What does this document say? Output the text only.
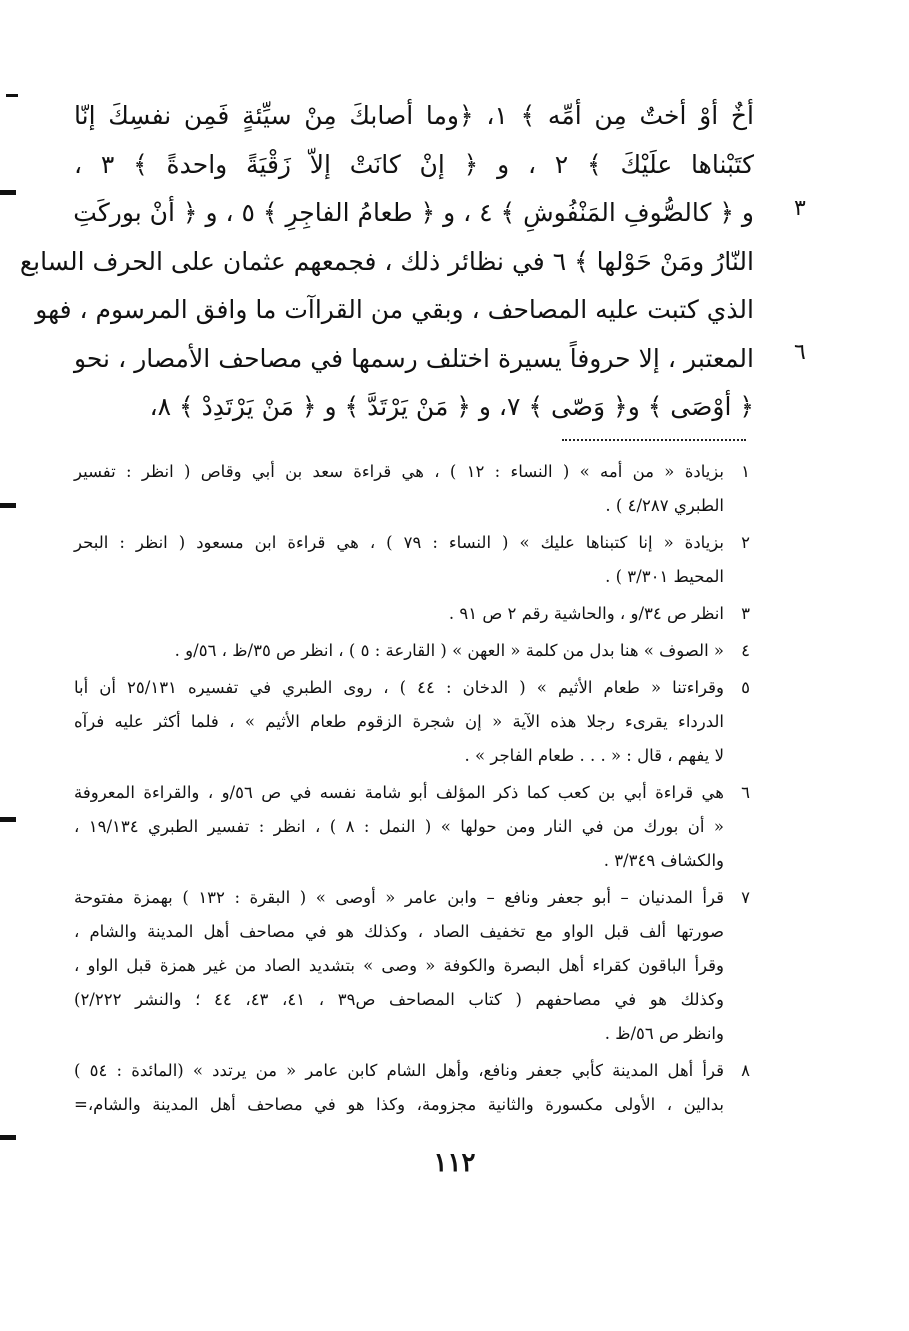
أخٌ أوْ أختٌ مِن أمِّه ﴾ ١، ﴿وما أصابكَ مِنْ سيِّئةٍ فَمِن نفسِكَ إنّا
كتَبْناها علَيْكَ ﴾ ٢ ، و ﴿ إنْ كانَتْ إلاّ زَقْيَةً واحدةً ﴾ ٣ ،
و ﴿ كالصُّوفِ المَنْفُوشِ ﴾ ٤ ، و ﴿ طعامُ الفاجِرِ ﴾ ٥ ، و ﴿ أنْ بوركَتِ
النّارُ ومَنْ حَوْلها ﴾ ٦ في نظائر ذلك ، فجمعهم عثمان على الحرف السابع
الذي كتبت عليه المصاحف ، وبقي من القراآت ما وافق المرسوم ، فهو
المعتبر ، إلا حروفاً يسيرة اختلف رسمها في مصاحف الأمصار ، نحو
﴿ أوْصَى ﴾ و﴿ وَصّى ﴾ ٧، و ﴿ مَنْ يَرْتَدَّ ﴾ و ﴿ مَنْ يَرْتَدِدْ ﴾ ٨،
٣
٦
١
بزيادة « من أمه » ( النساء : ١٢ ) ، هي قراءة سعد بن أبي وقاص ( انظر : تفسير
الطبري ٤/٢٨٧ ) .
٢
بزيادة « إنا كتبناها عليك » ( النساء : ٧٩ ) ، هي قراءة ابن مسعود ( انظر : البحر
المحيط ٣/٣٠١ ) .
٣
انظر ص ٣٤/و ، والحاشية رقم ٢ ص ٩١ .
٤
« الصوف » هنا بدل من كلمة « العهن » ( القارعة : ٥ ) ، انظر ص ٣٥/ظ ، ٥٦/و .
٥
وقراءتنا « طعام الأثيم » ( الدخان : ٤٤ ) ، روى الطبري في تفسيره ٢٥/١٣١ أن أبا
الدرداء يقرىء رجلا هذه الآية « إن شجرة الزقوم طعام الأثيم » ، فلما أكثر عليه فرآه
لا يفهم ، قال : « . . . طعام الفاجر » .
٦
هي قراءة أبي بن كعب كما ذكر المؤلف أبو شامة نفسه في ص ٥٦/و ، والقراءة المعروفة
« أن بورك من في النار ومن حولها » ( النمل : ٨ ) ، انظر : تفسير الطبري ١٩/١٣٤ ،
والكشاف ٣/٣٤٩ .
٧
قرأ المدنيان – أبو جعفر ونافع – وابن عامر « أوصى » ( البقرة : ١٣٢ ) بهمزة مفتوحة
صورتها ألف قبل الواو مع تخفيف الصاد ، وكذلك هو في مصاحف أهل المدينة والشام ،
وقرأ الباقون كقراء أهل البصرة والكوفة « وصى » بتشديد الصاد من غير همزة قبل الواو ،
وكذلك هو في مصاحفهم ( كتاب المصاحف ص٣٩ ، ٤١، ٤٣، ٤٤ ؛ والنشر ٢/٢٢٢)
وانظر ص ٥٦/ظ .
٨
قرأ أهل المدينة كأبي جعفر ونافع، وأهل الشام كابن عامر « من يرتدد » (المائدة : ٥٤ )
بدالين ، الأولى مكسورة والثانية مجزومة، وكذا هو في مصاحف أهل المدينة والشام،=
١١٢
